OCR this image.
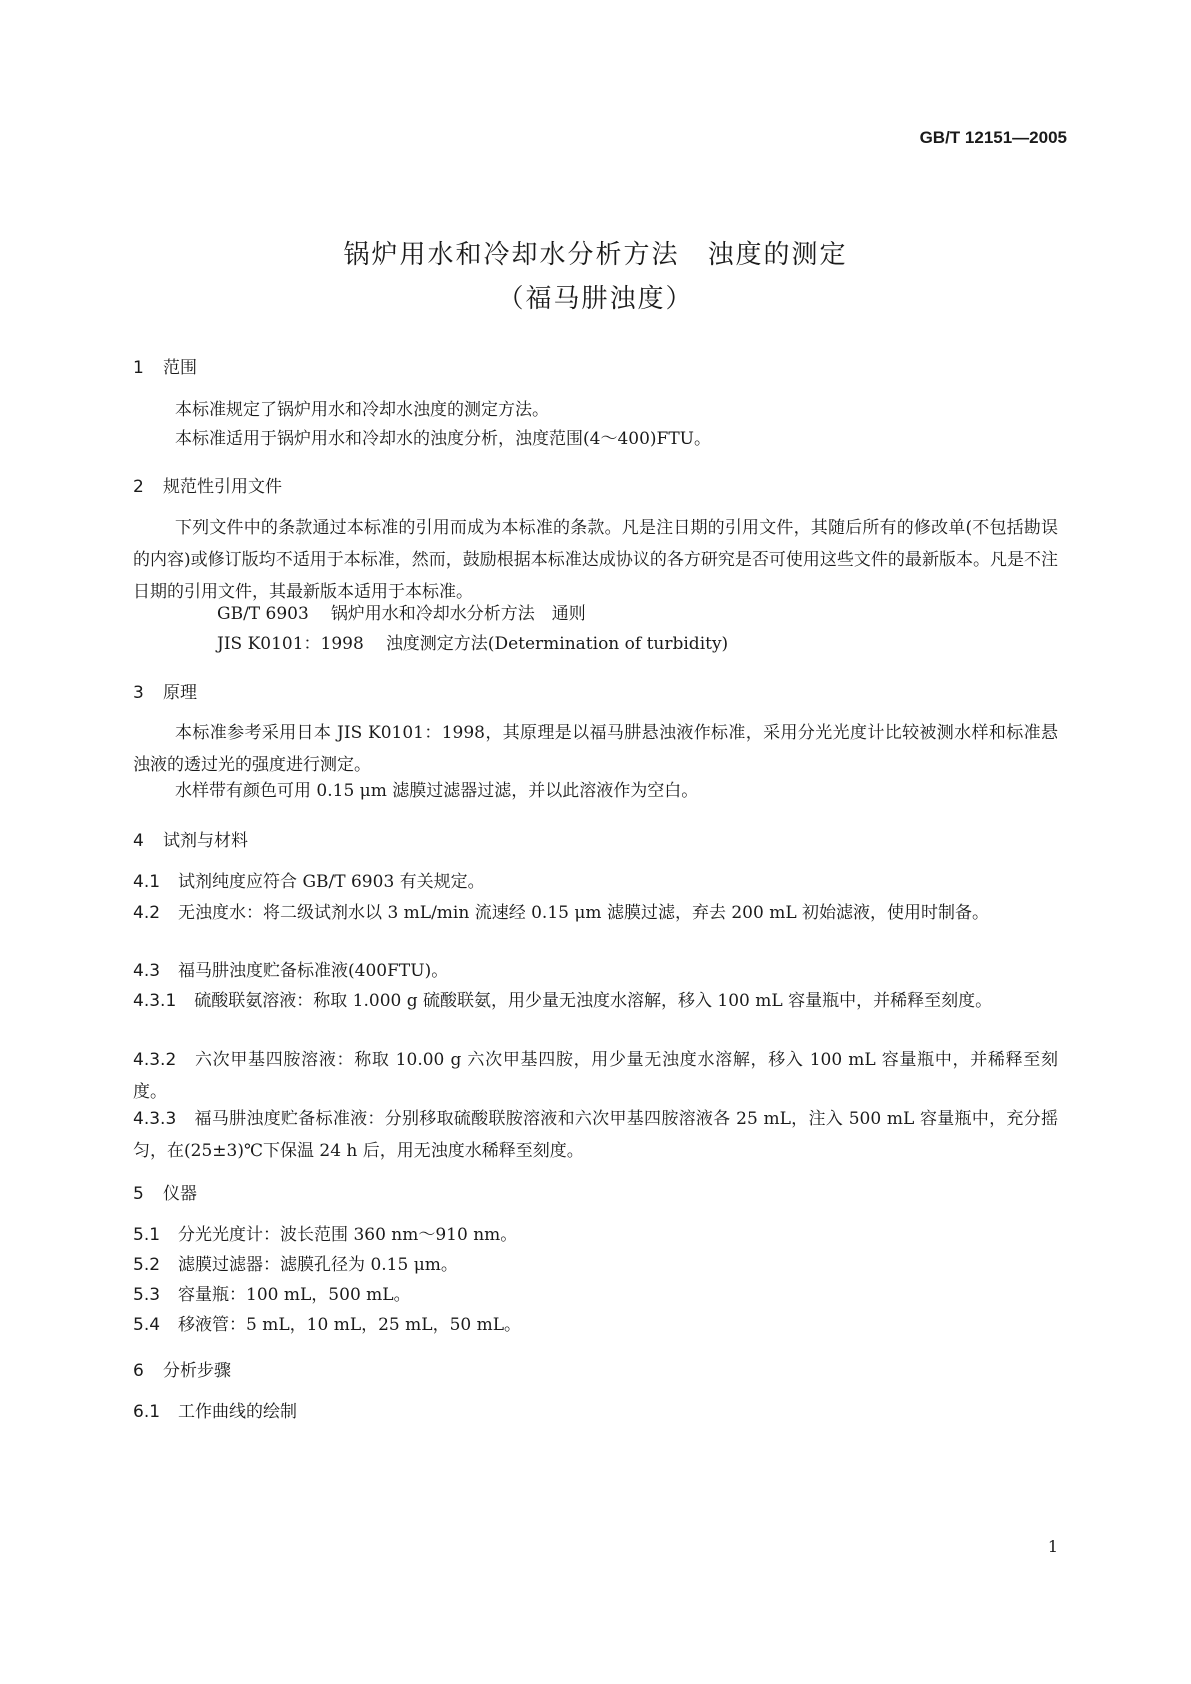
GB/T 12151—2005
锅炉用水和冷却水分析方法　浊度的测定
（福马肼浊度）
1 范围
本标准规定了锅炉用水和冷却水浊度的测定方法。
本标准适用于锅炉用水和冷却水的浊度分析，浊度范围(4～400)FTU。
2 规范性引用文件
下列文件中的条款通过本标准的引用而成为本标准的条款。凡是注日期的引用文件，其随后所有的修改单(不包括勘误的内容)或修订版均不适用于本标准，然而，鼓励根据本标准达成协议的各方研究是否可使用这些文件的最新版本。凡是不注日期的引用文件，其最新版本适用于本标准。
GB/T 6903 锅炉用水和冷却水分析方法　通则
JIS K0101：1998 浊度测定方法(Determination of turbidity)
3 原理
本标准参考采用日本 JIS K0101：1998，其原理是以福马肼悬浊液作标准，采用分光光度计比较被测水样和标准悬浊液的透过光的强度进行测定。
水样带有颜色可用 0.15 μm 滤膜过滤器过滤，并以此溶液作为空白。
4 试剂与材料
4.1 试剂纯度应符合 GB/T 6903 有关规定。
4.2 无浊度水：将二级试剂水以 3 mL/min 流速经 0.15 μm 滤膜过滤，弃去 200 mL 初始滤液，使用时制备。
4.3 福马肼浊度贮备标准液(400FTU)。
4.3.1 硫酸联氨溶液：称取 1.000 g 硫酸联氨，用少量无浊度水溶解，移入 100 mL 容量瓶中，并稀释至刻度。
4.3.2 六次甲基四胺溶液：称取 10.00 g 六次甲基四胺，用少量无浊度水溶解，移入 100 mL 容量瓶中，并稀释至刻度。
4.3.3 福马肼浊度贮备标准液：分别移取硫酸联胺溶液和六次甲基四胺溶液各 25 mL，注入 500 mL 容量瓶中，充分摇匀，在(25±3)℃下保温 24 h 后，用无浊度水稀释至刻度。
5 仪器
5.1 分光光度计：波长范围 360 nm～910 nm。
5.2 滤膜过滤器：滤膜孔径为 0.15 μm。
5.3 容量瓶：100 mL，500 mL。
5.4 移液管：5 mL，10 mL，25 mL，50 mL。
6 分析步骤
6.1 工作曲线的绘制
1
